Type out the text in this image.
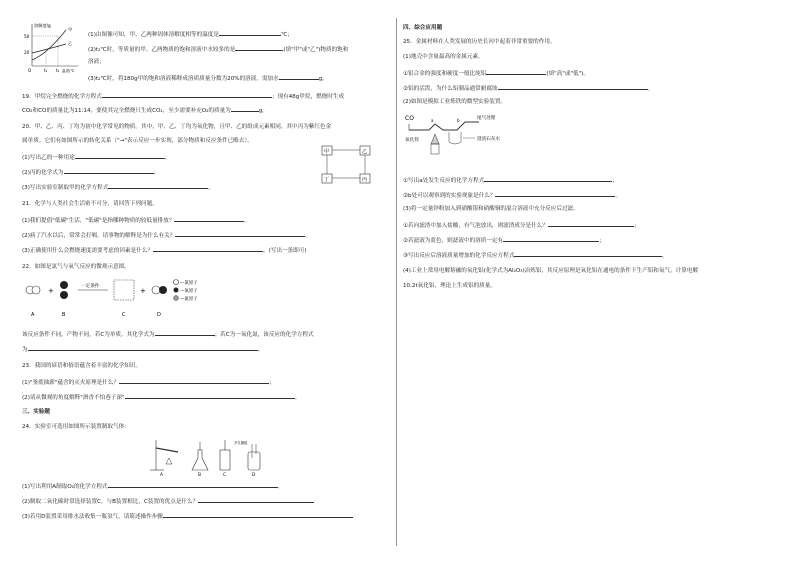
溶解度/g
50
20
O	t₁ t₂ 温度/℃
甲
乙
(1)由图像可知，甲、乙两种固体溶解度相等的温度是	℃；
(2)t₂℃时，等质量的甲、乙两物质的饱和溶液中水较多的是	(填"甲"或"乙")物质的饱和
溶液；
(3)t₂℃时，将180g甲的饱和溶液稀释成溶质质量分数为20%的溶液，需加水	g。
19．甲烷完全燃烧的化学方程式	；现有48g甲烷，燃烧时生成
CO₂和CO的质量比为11:14，要使其完全燃烧只生成CO₂，至少需要补充O₂的质量为	g。
20．甲、乙、丙、丁均为初中化学常见的物质。其中，甲、乙、丁均为氧化物，且甲、乙的组成元素相同，其中丙为紫红色金
属单质。它们有如图所示的转化关系（"→"表示反应一步实现，部分物质和反应条件已略去）。
(1)写出乙的一种用途	；
(2)丙的化学式为	；
(3)写出实验室制取甲的化学方程式	。
甲	乙
丁	丙
21．化学与人类社会生活密不可分，请回答下列问题。
(1)我们提倡"低碳"生活，"低碳"是指哪种物质的较低量排放？	。
(2)病了汽水以后，常常会打嗝。请事物的解释是为什么有关？	。
(3)正确使用什么会燃烧速度需要考虑的因素是什么？	。(写出一条即可)
22．如图是氯气与氧气反应的微观示意图。
+
一定条件
+
—氯原子
—氧原子
—氮原子
A	B	C	D
该反应条件不同，产物不同，若C为单质，其化学式为	；若C为一氧化氮，该反应的化学方程式
为	。
23．我国的谚语和俗语蕴含着丰富的化学知识。
(1)"釜底抽薪"蕴含的灭火原理是什么？	；
(2)请从微观的角度解释"酒香不怕巷子深"	。
三、实验题
24．实验室可选用如图所示装置制取气体：
多孔隔板
A	B	C	D
(1)写出利用A制取O₂的化学方程式	。
(2)制取二氧化碳时常选择装置C，与B装置相比，C装置的优点是什么？
(3)若用D装置采用排水法收集一瓶氢气，请简述操作步骤
四、综合应用题
25．金属材料在人类发展的历史长河中起着非常重要的作用。
(1)地壳中含量最高的金属元素。
①铝合金的强度和硬度一般比纯铝	(填"高"或"低")。
②铝的活泼，为什么铝制品通常耐腐蚀	。
(2)如图是模拟工业炼铁的微型实验装置。
CO	尾气处理
a	b
氧化铁	澄清石灰水
①写出a处发生反应的化学方程式	；
②b处可以观察到的实验现象是什么？	。
(3)将一定量锌粉加入到硝酸银和硝酸铜的混合溶液中充分反应后过滤。
①若向滤渣中加入盐酸，有气泡放出，则滤渣成分是什么？	；
②若滤液为蓝色，则滤液中的溶质一定有	；
③写出反应后溶液质量增加的化学反应方程式	。
(4)工业上常用电解熔融的氧化铝(化学式为Al₂O₃)冶炼铝，其反应原理是氧化铝在通电的条件下生产铝和氧气。计算电解
10.2t氧化铝，理论上生成铝的质量。
